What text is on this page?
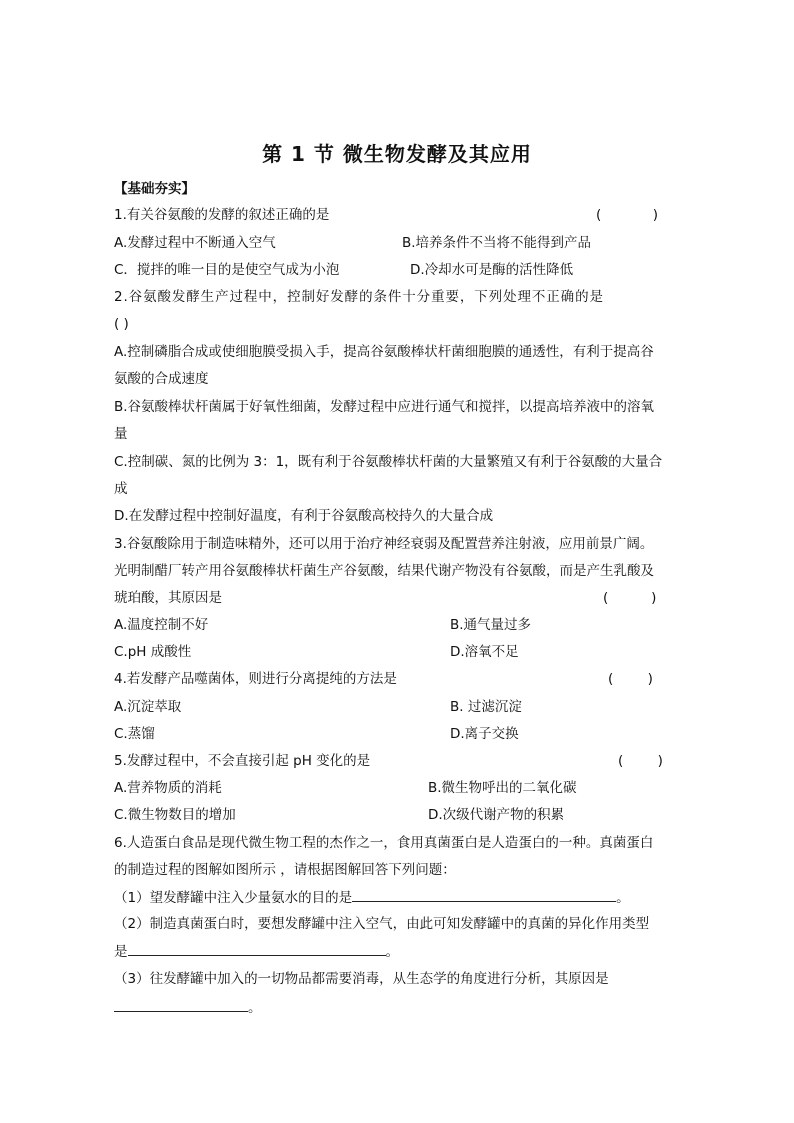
第 1 节 微生物发酵及其应用
【基础夯实】
1.有关谷氨酸的发酵的叙述正确的是	(            )
A.发酵过程中不断通入空气	B.培养条件不当将不能得到产品
C．搅拌的唯一目的是使空气成为小泡	D.冷却水可是酶的活性降低
2.谷氨酸发酵生产过程中，控制好发酵的条件十分重要，下列处理不正确的是
( )
A.控制磷脂合成或使细胞膜受损入手，提高谷氨酸棒状杆菌细胞膜的通透性，有利于提高谷
氨酸的合成速度
B.谷氨酸棒状杆菌属于好氧性细菌，发酵过程中应进行通气和搅拌，以提高培养液中的溶氧
量
C.控制碳、氮的比例为 3：1，既有利于谷氨酸棒状杆菌的大量繁殖又有利于谷氨酸的大量合
成
D.在发酵过程中控制好温度，有利于谷氨酸高校持久的大量合成
3.谷氨酸除用于制造味精外，还可以用于治疗神经衰弱及配置营养注射液，应用前景广阔。
光明制醋厂转产用谷氨酸棒状杆菌生产谷氨酸，结果代谢产物没有谷氨酸，而是产生乳酸及
琥珀酸，其原因是	(          )
A.温度控制不好	B.通气量过多
C.pH 成酸性	D.溶氧不足
4.若发酵产品噬菌体，则进行分离提纯的方法是	(        )
A.沉淀萃取	B. 过滤沉淀
C.蒸馏	D.离子交换
5.发酵过程中，不会直接引起 pH 变化的是	(        )
A.营养物质的消耗	B.微生物呼出的二氧化碳
C.微生物数目的增加	D.次级代谢产物的积累
6.人造蛋白食品是现代微生物工程的杰作之一，食用真菌蛋白是人造蛋白的一种。真菌蛋白
的制造过程的图解如图所示 ，请根据图解回答下列问题：
（1）望发酵罐中注入少量氨水的目的是	。
（2）制造真菌蛋白时，要想发酵罐中注入空气，由此可知发酵罐中的真菌的异化作用类型
是	。
（3）往发酵罐中加入的一切物品都需要消毒，从生态学的角度进行分析，其原因是
。
